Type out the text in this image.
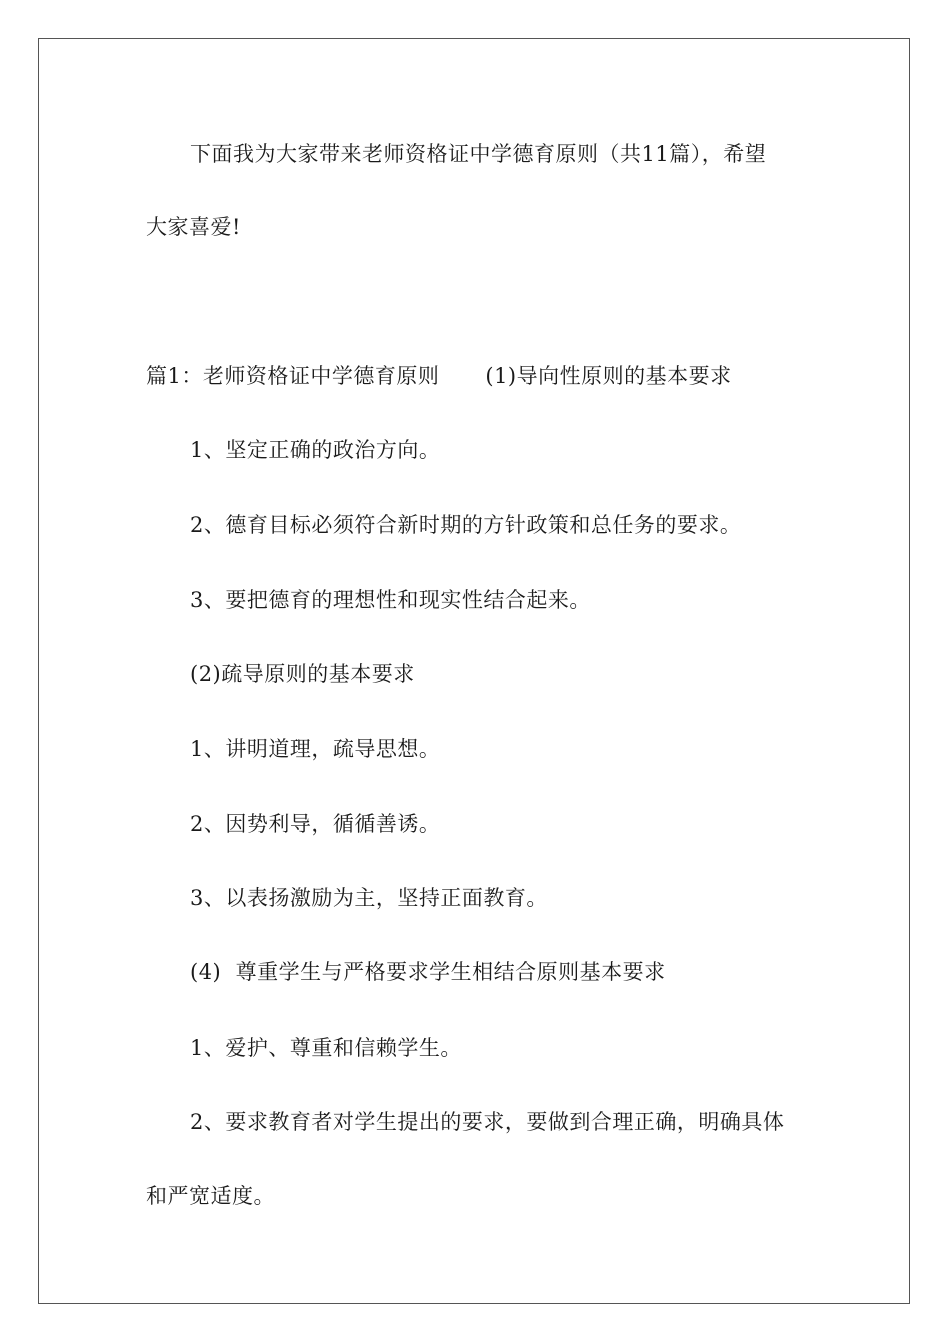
下面我为大家带来老师资格证中学德育原则（共11篇），希望
大家喜爱!
篇1：老师资格证中学德育原则 (1)导向性原则的基本要求
1、坚定正确的政治方向。
2、德育目标必须符合新时期的方针政策和总任务的要求。
3、要把德育的理想性和现实性结合起来。
(2)疏导原则的基本要求
1、讲明道理，疏导思想。
2、因势利导，循循善诱。
3、以表扬激励为主，坚持正面教育。
(4)  尊重学生与严格要求学生相结合原则基本要求
1、爱护、尊重和信赖学生。
2、要求教育者对学生提出的要求，要做到合理正确，明确具体
和严宽适度。
